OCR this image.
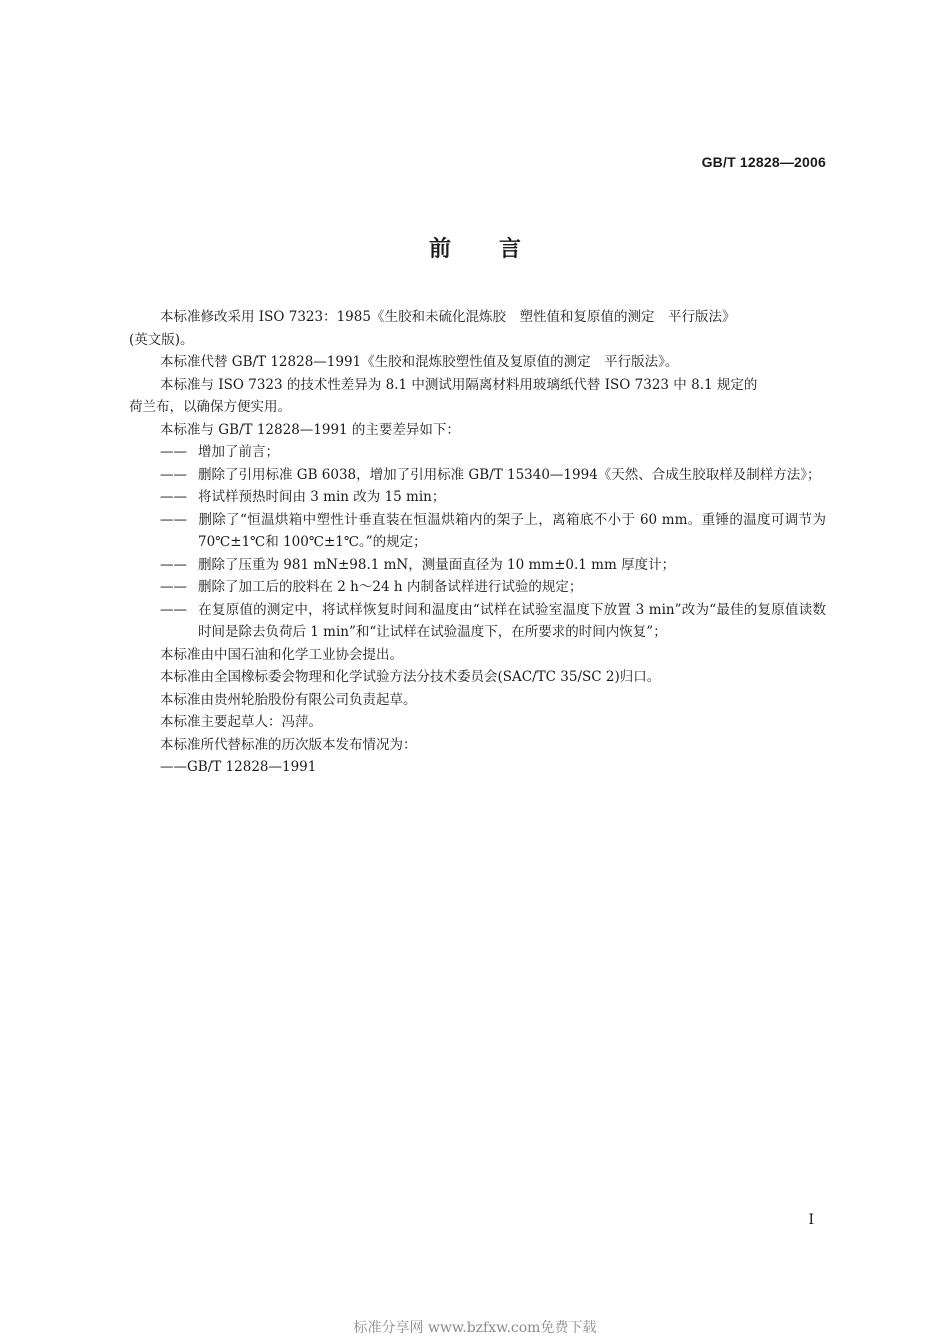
GB/T 12828—2006
前言

本标准修改采用 ISO 7323：1985《生胶和未硫化混炼胶　塑性值和复原值的测定　平行版法》
(英文版)。

本标准代替 GB/T 12828—1991《生胶和混炼胶塑性值及复原值的测定　平行版法》。

本标准与 ISO 7323 的技术性差异为 8.1 中测试用隔离材料用玻璃纸代替 ISO 7323 中 8.1 规定的
荷兰布，以确保方便实用。

本标准与 GB/T 12828—1991 的主要差异如下：

—— 增加了前言；

—— 删除了引用标准 GB 6038，增加了引用标准 GB/T 15340—1994《天然、合成生胶取样及制样方法》；

—— 将试样预热时间由 3 min 改为 15 min；

—— 删除了“恒温烘箱中塑性计垂直装在恒温烘箱内的架子上，离箱底不小于 60 mm。重锤的温度可调节为 70℃±1℃和 100℃±1℃。”的规定；

—— 删除了压重为 981 mN±98.1 mN，测量面直径为 10 mm±0.1 mm 厚度计；

—— 删除了加工后的胶料在 2 h～24 h 内制备试样进行试验的规定；

—— 在复原值的测定中，将试样恢复时间和温度由“试样在试验室温度下放置 3 min”改为“最佳的复原值读数时间是除去负荷后 1 min”和“让试样在试验温度下，在所要求的时间内恢复”；

本标准由中国石油和化学工业协会提出。

本标准由全国橡标委会物理和化学试验方法分技术委员会(SAC/TC 35/SC 2)归口。

本标准由贵州轮胎股份有限公司负责起草。

本标准主要起草人：冯萍。

本标准所代替标准的历次版本发布情况为：

——GB/T 12828—1991

I
标准分享网 www.bzfxw.com免费下载
